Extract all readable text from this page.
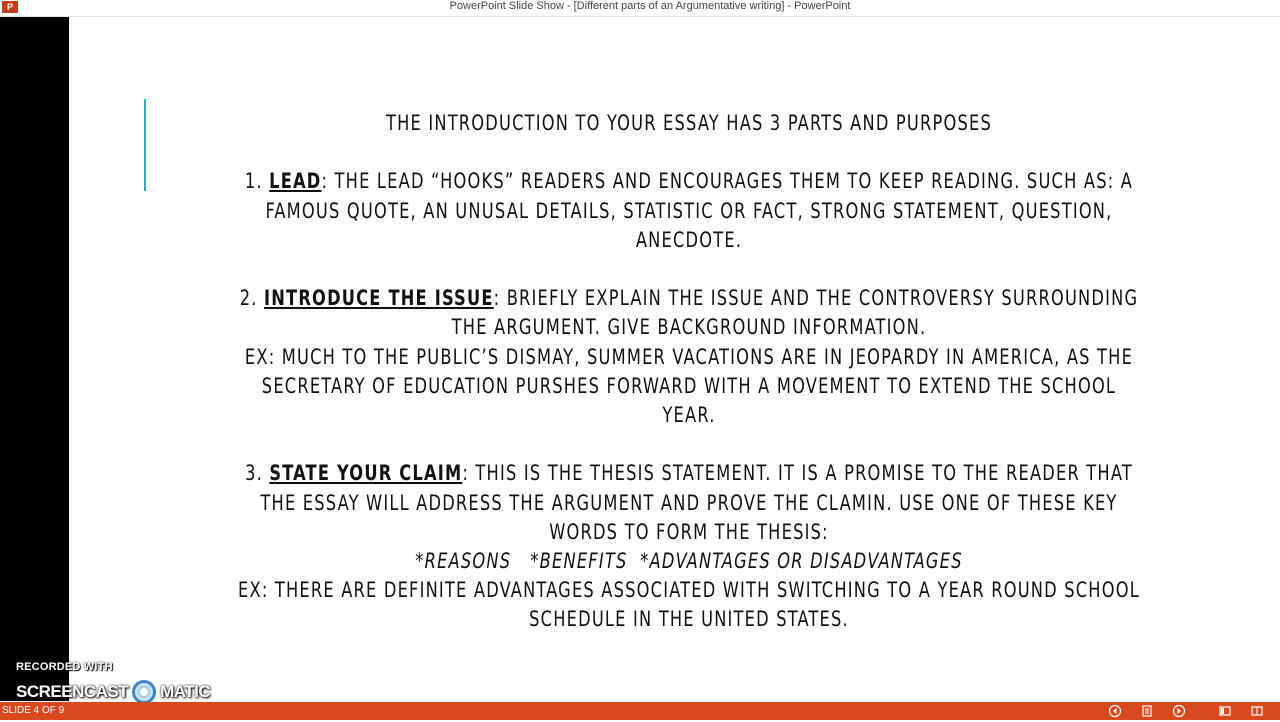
P	PowerPoint Slide Show - [Different parts of an Argumentative writing] - PowerPoint

THE INTRODUCTION TO YOUR ESSAY HAS 3 PARTS AND PURPOSES

1. LEAD: THE LEAD “HOOKS” READERS AND ENCOURAGES THEM TO KEEP READING. SUCH AS: A FAMOUS QUOTE, AN UNUSAL DETAILS, STATISTIC OR FACT, STRONG STATEMENT, QUESTION, ANECDOTE.

2. INTRODUCE THE ISSUE: BRIEFLY EXPLAIN THE ISSUE AND THE CONTROVERSY SURROUNDING THE ARGUMENT. GIVE BACKGROUND INFORMATION.

EX: MUCH TO THE PUBLIC’S DISMAY, SUMMER VACATIONS ARE IN JEOPARDY IN AMERICA, AS THE SECRETARY OF EDUCATION PURSHES FORWARD WITH A MOVEMENT TO EXTEND THE SCHOOL YEAR.

3. STATE YOUR CLAIM: THIS IS THE THESIS STATEMENT. IT IS A PROMISE TO THE READER THAT THE ESSAY WILL ADDRESS THE ARGUMENT AND PROVE THE CLAMIN. USE ONE OF THESE KEY WORDS TO FORM THE THESIS:

*REASONS   *BENEFITS  *ADVANTAGES OR DISADVANTAGES

EX: THERE ARE DEFINITE ADVANTAGES ASSOCIATED WITH SWITCHING TO A YEAR ROUND SCHOOL SCHEDULE IN THE UNITED STATES.

RECORDED WITH
SCREENCAST MATIC
SLIDE 4 OF 9
